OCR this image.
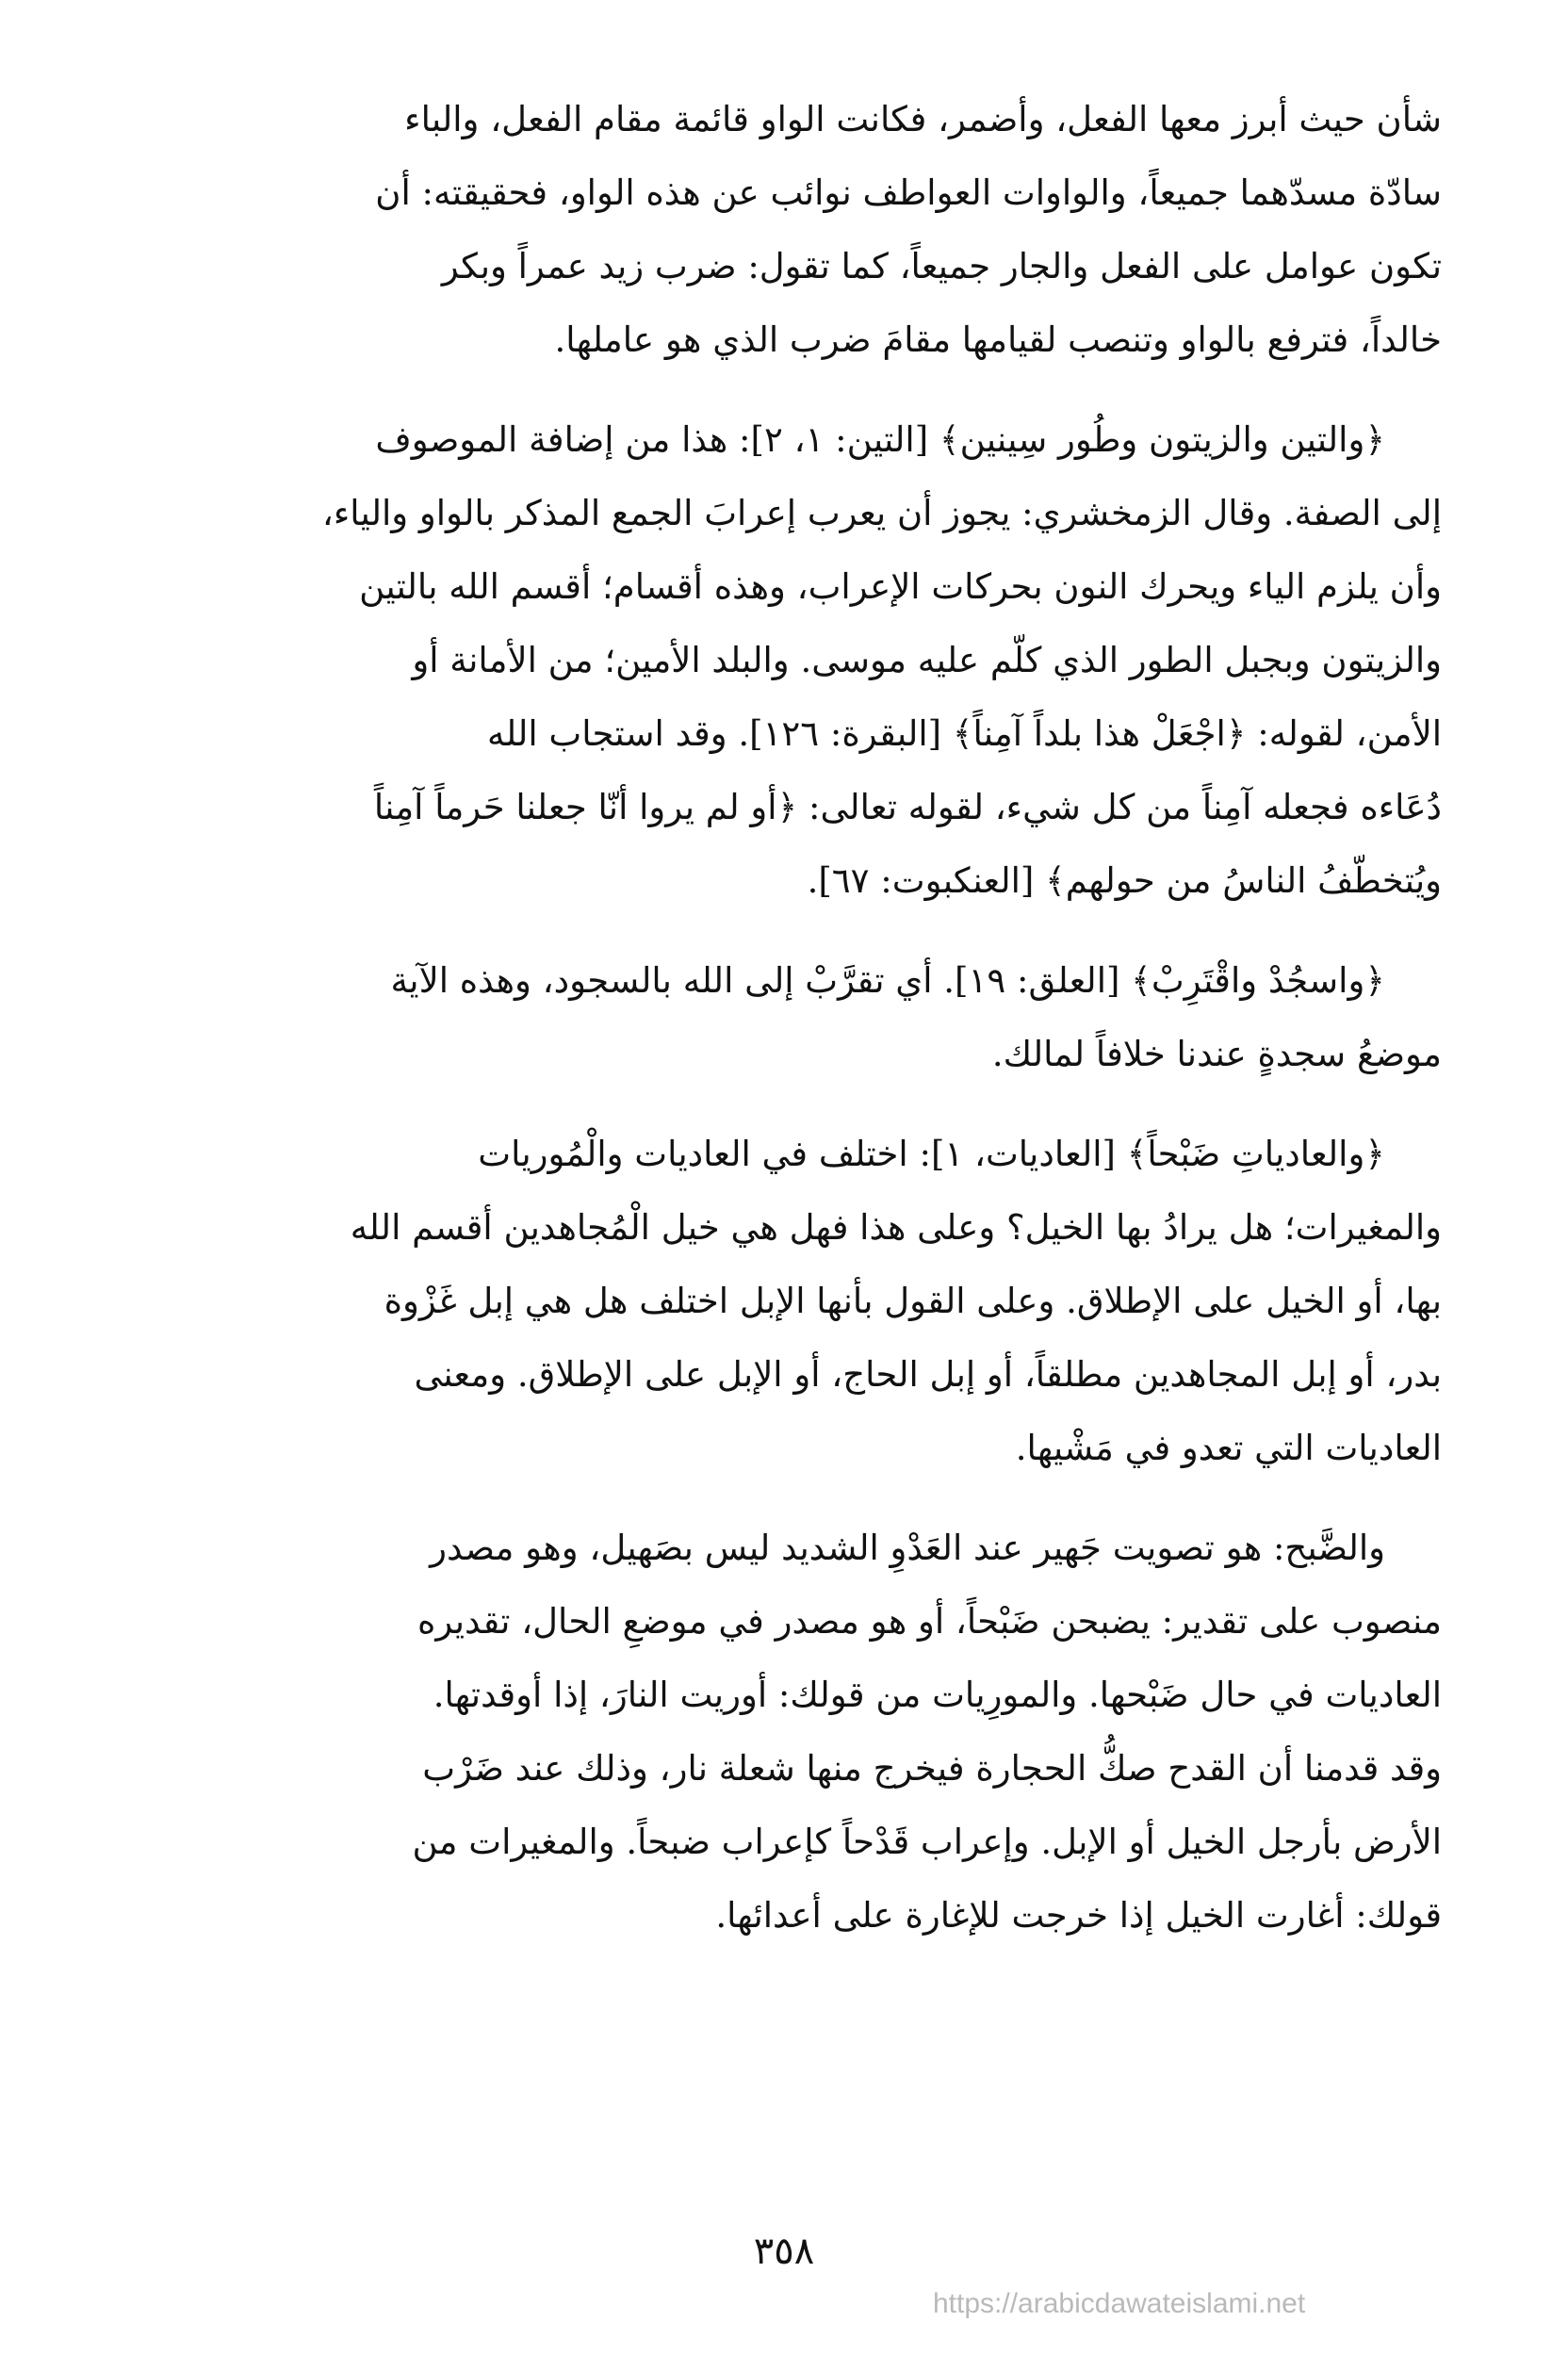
شأن حيث أبرز معها الفعل، وأضمر، فكانت الواو قائمة مقام الفعل، والباء
سادّة مسدّهما جميعاً، والواوات العواطف نوائب عن هذه الواو، فحقيقته: أن
تكون عوامل على الفعل والجار جميعاً، كما تقول: ضرب زيد عمراً وبكر
خالداً، فترفع بالواو وتنصب لقيامها مقامَ ضرب الذي هو عاملها.
﴿والتين والزيتون وطُور سِينين﴾ [التين: ١، ٢]: هذا من إضافة الموصوف
إلى الصفة. وقال الزمخشري: يجوز أن يعرب إعرابَ الجمع المذكر بالواو والياء،
وأن يلزم الياء ويحرك النون بحركات الإعراب، وهذه أقسام؛ أقسم الله بالتين
والزيتون وبجبل الطور الذي كلّم عليه موسى. والبلد الأمين؛ من الأمانة أو
الأمن، لقوله: ﴿اجْعَلْ هذا بلداً آمِناً﴾ [البقرة: ١٢٦]. وقد استجاب الله
دُعَاءه فجعله آمِناً من كل شيء، لقوله تعالى: ﴿أو لم يروا أنّا جعلنا حَرماً آمِناً
ويُتخطّفُ الناسُ من حولهم﴾ [العنكبوت: ٦٧].
﴿واسجُدْ واقْتَرِبْ﴾ [العلق: ١٩]. أي تقرَّبْ إلى الله بالسجود، وهذه الآية
موضعُ سجدةٍ عندنا خلافاً لمالك.
﴿والعادياتِ ضَبْحاً﴾ [العاديات، ١]: اختلف في العاديات والْمُوريات
والمغيرات؛ هل يرادُ بها الخيل؟ وعلى هذا فهل هي خيل الْمُجاهدين أقسم الله
بها، أو الخيل على الإطلاق. وعلى القول بأنها الإبل اختلف هل هي إبل غَزْوة
بدر، أو إبل المجاهدين مطلقاً، أو إبل الحاج، أو الإبل على الإطلاق. ومعنى
العاديات التي تعدو في مَشْيها.
والضَّبح: هو تصويت جَهير عند العَدْوِ الشديد ليس بصَهيل، وهو مصدر
منصوب على تقدير: يضبحن ضَبْحاً، أو هو مصدر في موضعِ الحال، تقديره
العاديات في حال ضَبْحها. والمورِيات من قولك: أوريت النارَ، إذا أوقدتها.
وقد قدمنا أن القدح صكُّ الحجارة فيخرج منها شعلة نار، وذلك عند ضَرْب
الأرض بأرجل الخيل أو الإبل. وإعراب قَدْحاً كإعراب ضبحاً. والمغيرات من
قولك: أغارت الخيل إذا خرجت للإغارة على أعدائها.
٣٥٨
https://arabicdawateislami.net
